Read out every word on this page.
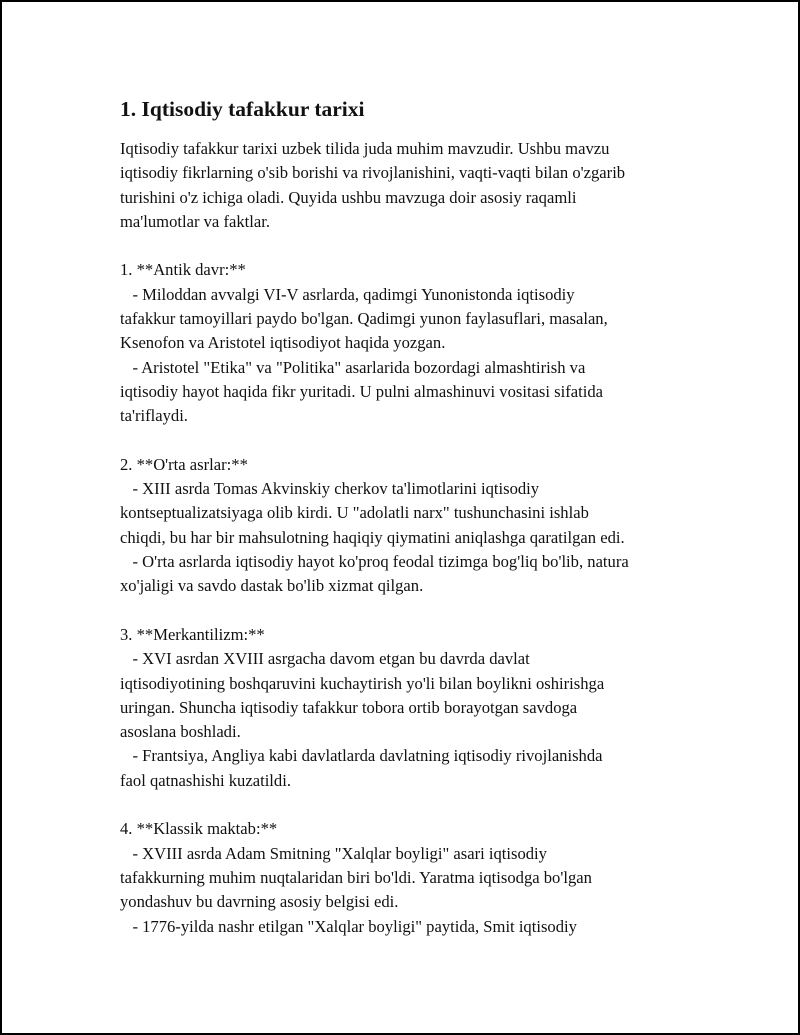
1. Iqtisodiy tafakkur tarixi
Iqtisodiy tafakkur tarixi uzbek tilida juda muhim mavzudir. Ushbu mavzu
iqtisodiy fikrlarning o'sib borishi va rivojlanishini, vaqti-vaqti bilan o'zgarib
turishini o'z ichiga oladi. Quyida ushbu mavzuga doir asosiy raqamli
ma'lumotlar va faktlar.
1. **Antik davr:**
- Miloddan avvalgi VI-V asrlarda, qadimgi Yunonistonda iqtisodiy
tafakkur tamoyillari paydo bo'lgan. Qadimgi yunon faylasuflari, masalan,
Ksenofon va Aristotel iqtisodiyot haqida yozgan.
- Aristotel "Etika" va "Politika" asarlarida bozordagi almashtirish va
iqtisodiy hayot haqida fikr yuritadi. U pulni almashinuvi vositasi sifatida
ta'riflaydi.
2. **O'rta asrlar:**
- XIII asrda Tomas Akvinskiy cherkov ta'limotlarini iqtisodiy
kontseptualizatsiyaga olib kirdi. U "adolatli narx" tushunchasini ishlab
chiqdi, bu har bir mahsulotning haqiqiy qiymatini aniqlashga qaratilgan edi.
- O'rta asrlarda iqtisodiy hayot ko'proq feodal tizimga bog'liq bo'lib, natura
xo'jaligi va savdo dastak bo'lib xizmat qilgan.
3. **Merkantilizm:**
- XVI asrdan XVIII asrgacha davom etgan bu davrda davlat
iqtisodiyotining boshqaruvini kuchaytirish yo'li bilan boylikni oshirishga
uringan. Shuncha iqtisodiy tafakkur tobora ortib borayotgan savdoga
asoslana boshladi.
- Frantsiya, Angliya kabi davlatlarda davlatning iqtisodiy rivojlanishda
faol qatnashishi kuzatildi.
4. **Klassik maktab:**
- XVIII asrda Adam Smitning "Xalqlar boyligi" asari iqtisodiy
tafakkurning muhim nuqtalaridan biri bo'ldi. Yaratma iqtisodga bo'lgan
yondashuv bu davrning asosiy belgisi edi.
- 1776-yilda nashr etilgan "Xalqlar boyligi" paytida, Smit iqtisodiy
